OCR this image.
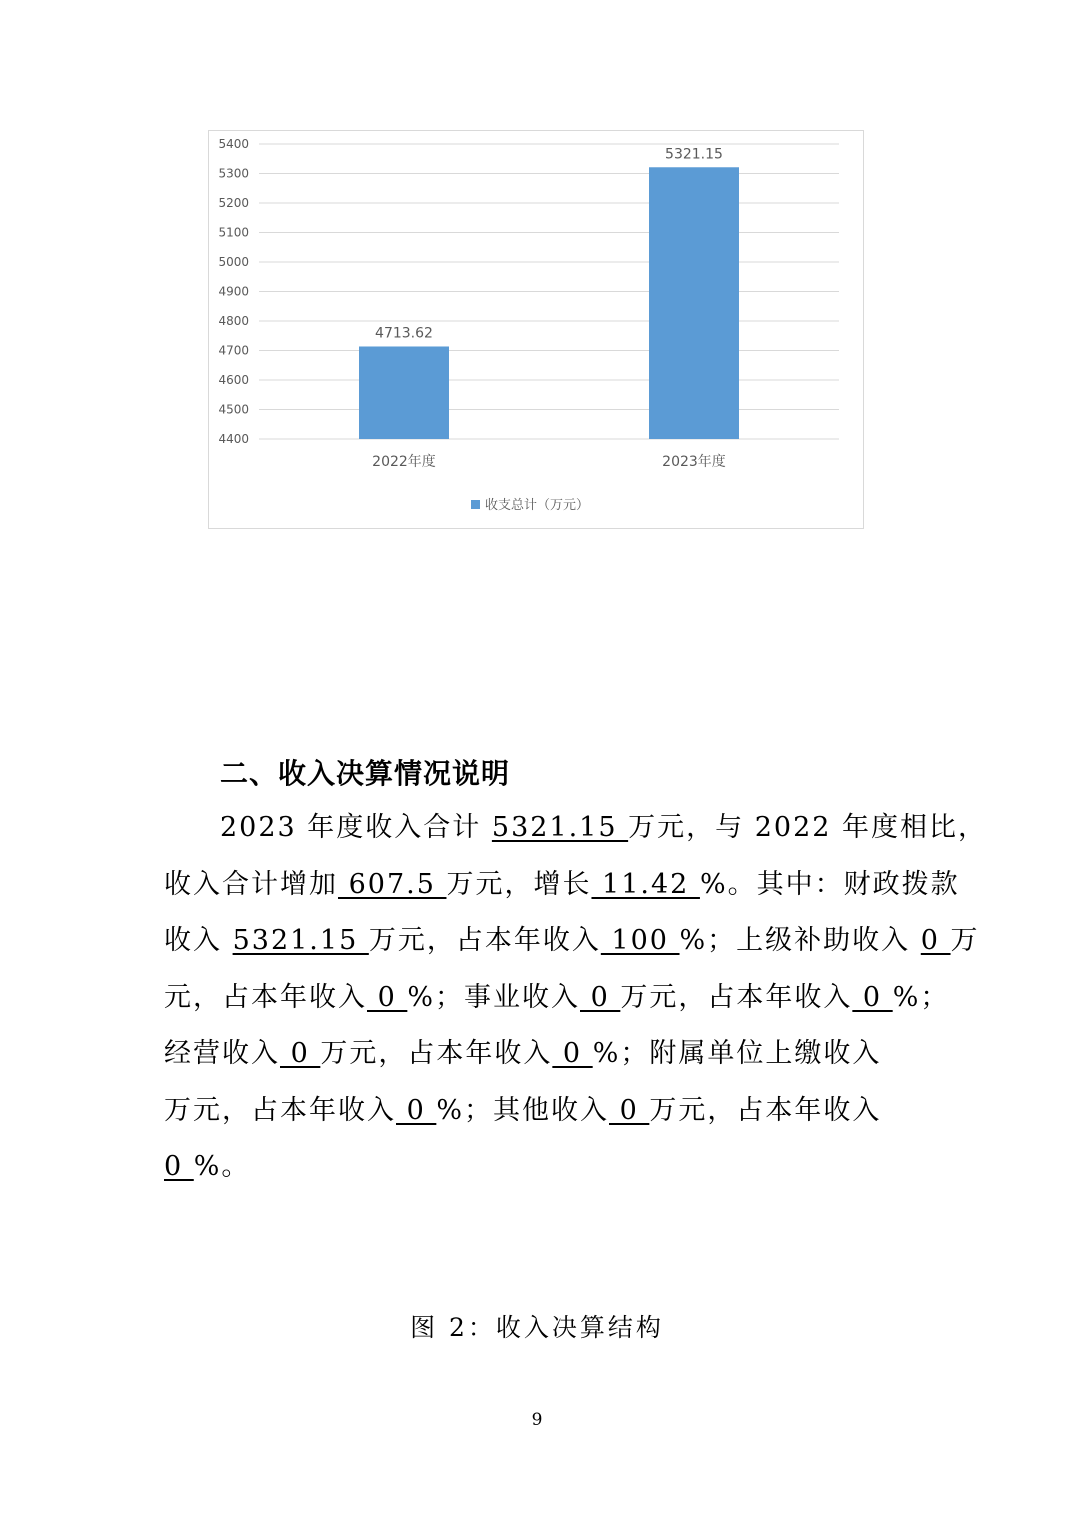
5400
5300
5200
5100
5000
4900
4800
4700
4600
4500
4400
4713.62
2022年度
5321.15
2023年度
收支总计（万元）
二、收入决算情况说明
2023 年度收入合计 5321.15 万元，与 2022 年度相比，
收入合计增加 607.5 万元，增长 11.42 %。其中：财政拨款
收入 5321.15 万元，占本年收入 100 %；上级补助收入 0 万
元，占本年收入 0 %；事业收入 0 万元，占本年收入 0 %；
经营收入 0 万元，占本年收入 0 %；附属单位上缴收入
万元，占本年收入 0 %；其他收入 0 万元，占本年收入
0 %。
图 2：收入决算结构
9
